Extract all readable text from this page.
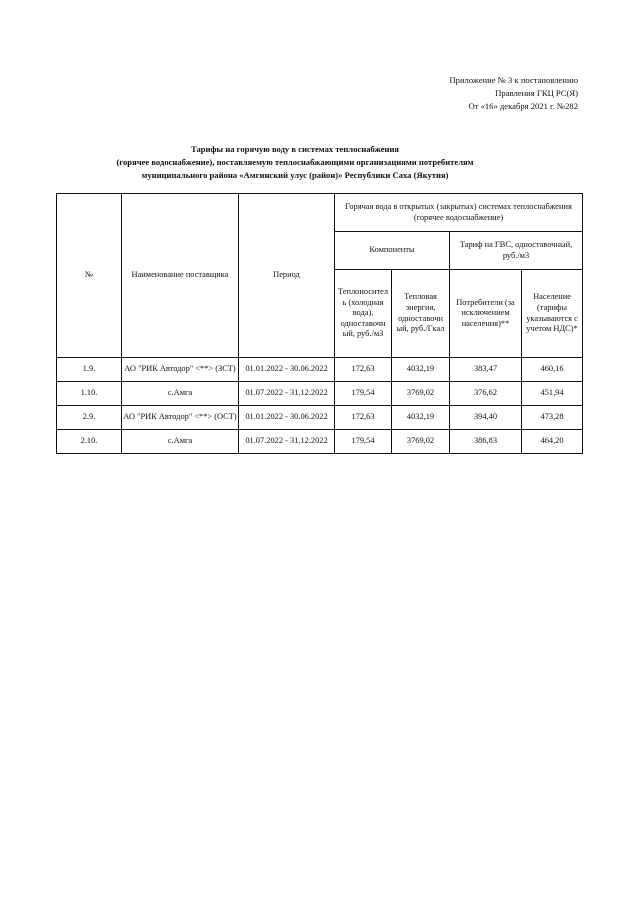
Приложение № 3 к постановлению
Правления ГКЦ РС(Я)
От «16» декабря 2021 г. №282
Тарифы на горячую воду в системах теплоснабжения
(горячее водоснабжение), поставляемую теплоснабжающими организациями потребителям
муниципального района «Амгинский улус (район)» Республики Саха (Якутия)
№	Наименование поставщика	Период	Горячая вода в открытых (закрытых) системах теплоснабжения (горячее водоснабжение)			
			Компоненты		Тариф на ГВС, одноставочный, руб./м3	
			Теплоносител ь (холодная вода), одноставочн ый, руб./м3	Тепловая энергия, одноставочн ый, руб./Гкал	Потребители (за исключением населения)**	Население (тарифы указываются с учетом НДС)*
1.9.	АО "РИК Автодор" <**> (ЗСТ)	01.01.2022 - 30.06.2022	172,63	4032,19	383,47	460,16
1.10.	с.Амга	01.07.2022 - 31.12.2022	179,54	3769,02	376,62	451,94
2.9.	АО "РИК Автодор" <**> (ОСТ)	01.01.2022 - 30.06.2022	172,63	4032,19	394,40	473,28
2.10.	с.Амга	01.07.2022 - 31.12.2022	179,54	3769,02	386,83	464,20
